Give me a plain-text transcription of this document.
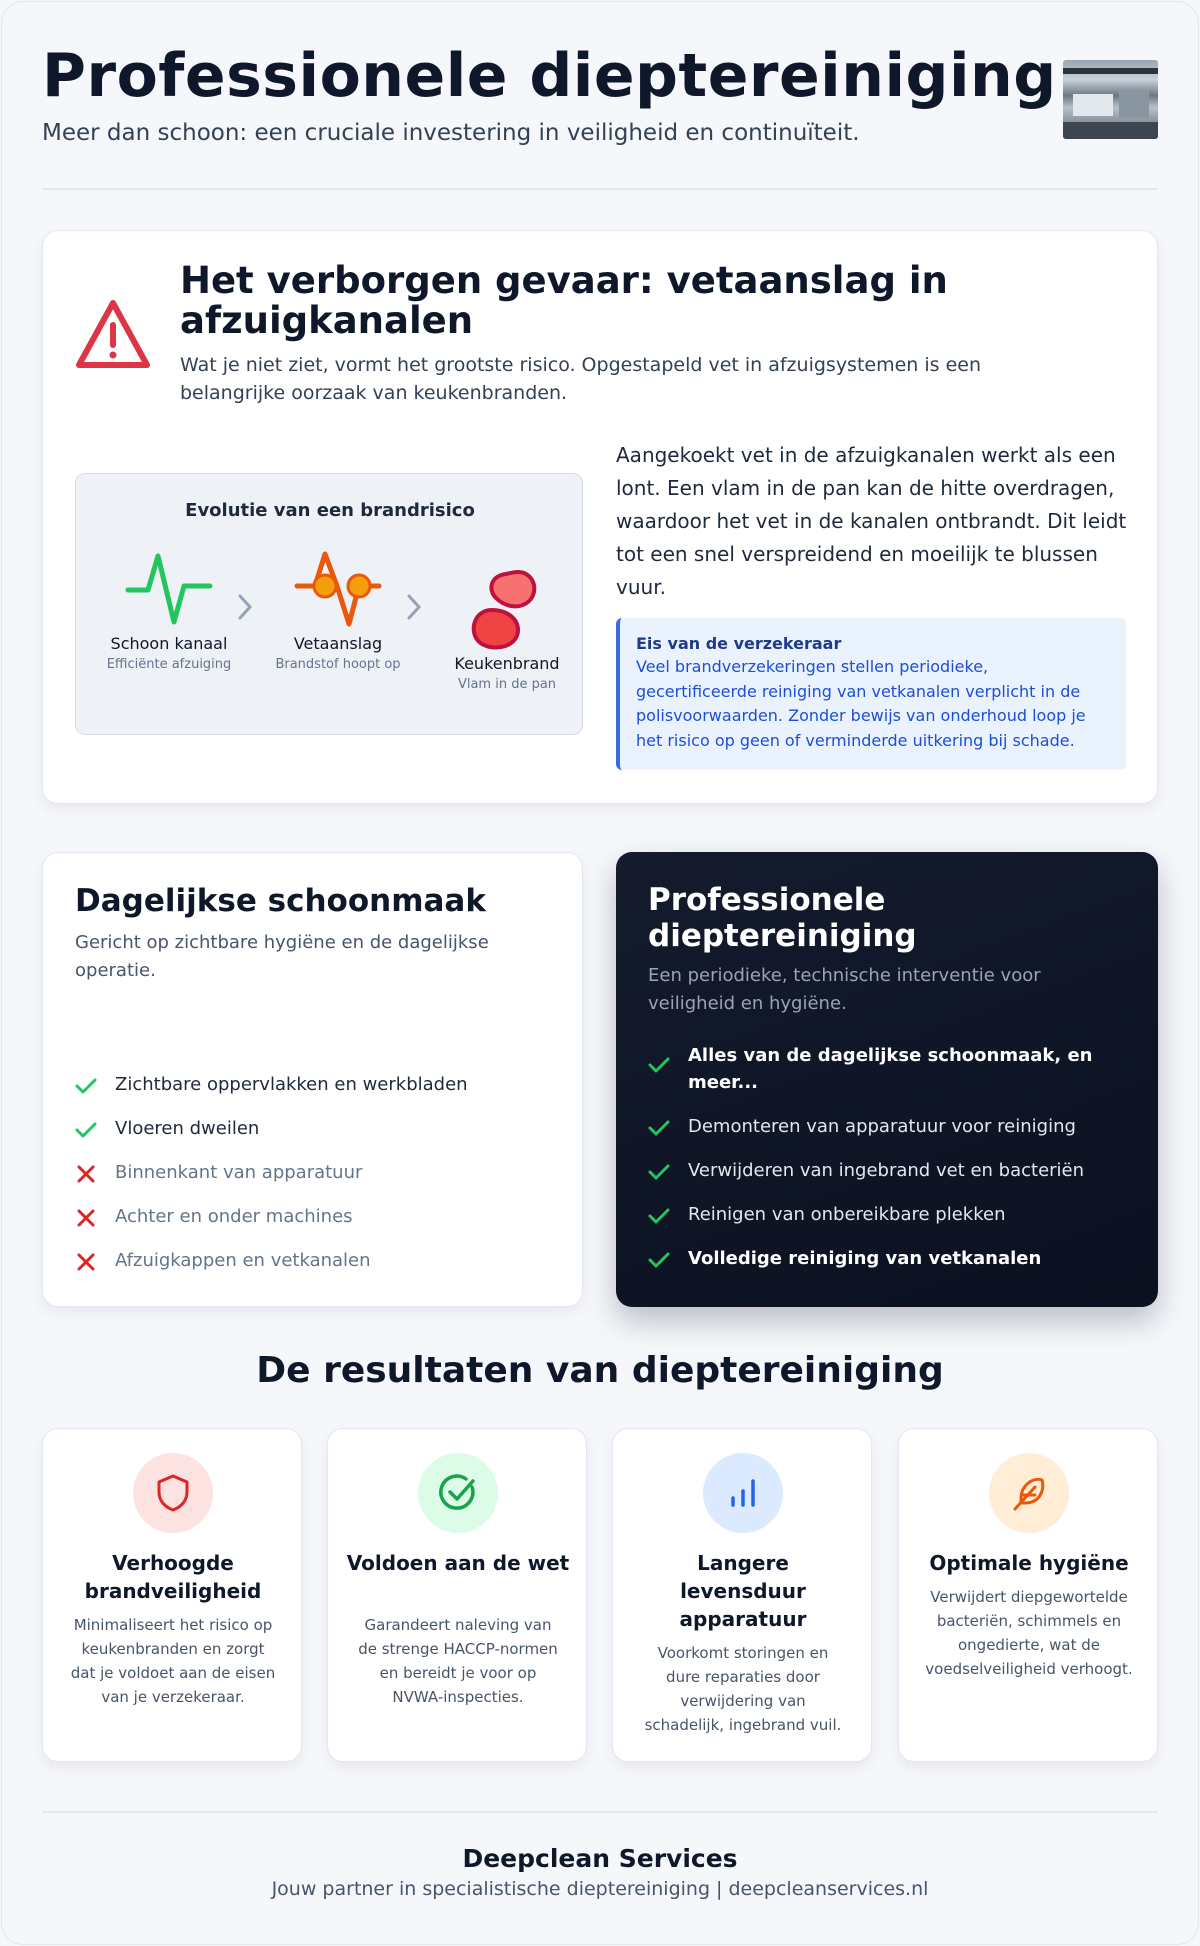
Professionele dieptereiniging

Meer dan schoon: een cruciale investering in veiligheid en continuïteit.

Het verborgen gevaar: vetaanslag in afzuigkanalen

Wat je niet ziet, vormt het grootste risico. Opgestapeld vet in afzuigsystemen is een belangrijke oorzaak van keukenbranden.

Evolutie van een brandrisico
Schoon kanaal
Efficiënte afzuiging
Vetaanslag
Brandstof hoopt op	Keukenbrand
Vlam in de pan

Aangekoekt vet in de afzuigkanalen werkt als een lont. Een vlam in de pan kan de hitte overdragen, waardoor het vet in de kanalen ontbrandt. Dit leidt tot een snel verspreidend en moeilijk te blussen vuur.

Eis van de verzekeraar
Veel brandverzekeringen stellen periodieke, gecertificeerde reiniging van vetkanalen verplicht in de polisvoorwaarden. Zonder bewijs van onderhoud loop je het risico op geen of verminderde uitkering bij schade.
Dagelijkse schoonmaak

Gericht op zichtbare hygiëne en de dagelijkse operatie.

Zichtbare oppervlakken en werkbladen
Vloeren dweilen
Binnenkant van apparatuur
Achter en onder machines
Afzuigkappen en vetkanalen
Professionele dieptereiniging

Een periodieke, technische interventie voor veiligheid en hygiëne.

Alles van de dagelijkse schoonmaak, en meer...
Demonteren van apparatuur voor reiniging
Verwijderen van ingebrand vet en bacteriën
Reinigen van onbereikbare plekken
Volledige reiniging van vetkanalen
De resultaten van dieptereiniging
Verhoogde brandveiligheid
Minimaliseert het risico op keukenbranden en zorgt dat je voldoet aan de eisen van je verzekeraar.
Voldoen aan de wet
Garandeert naleving van de strenge HACCP-normen en bereidt je voor op NVWA-inspecties.
Langere levensduur apparatuur
Voorkomt storingen en dure reparaties door verwijdering van schadelijk, ingebrand vuil.
Optimale hygiëne
Verwijdert diepgewortelde bacteriën, schimmels en ongedierte, wat de voedselveiligheid verhoogt.
Deepclean Services
Jouw partner in specialistische dieptereiniging | deepcleanservices.nl
